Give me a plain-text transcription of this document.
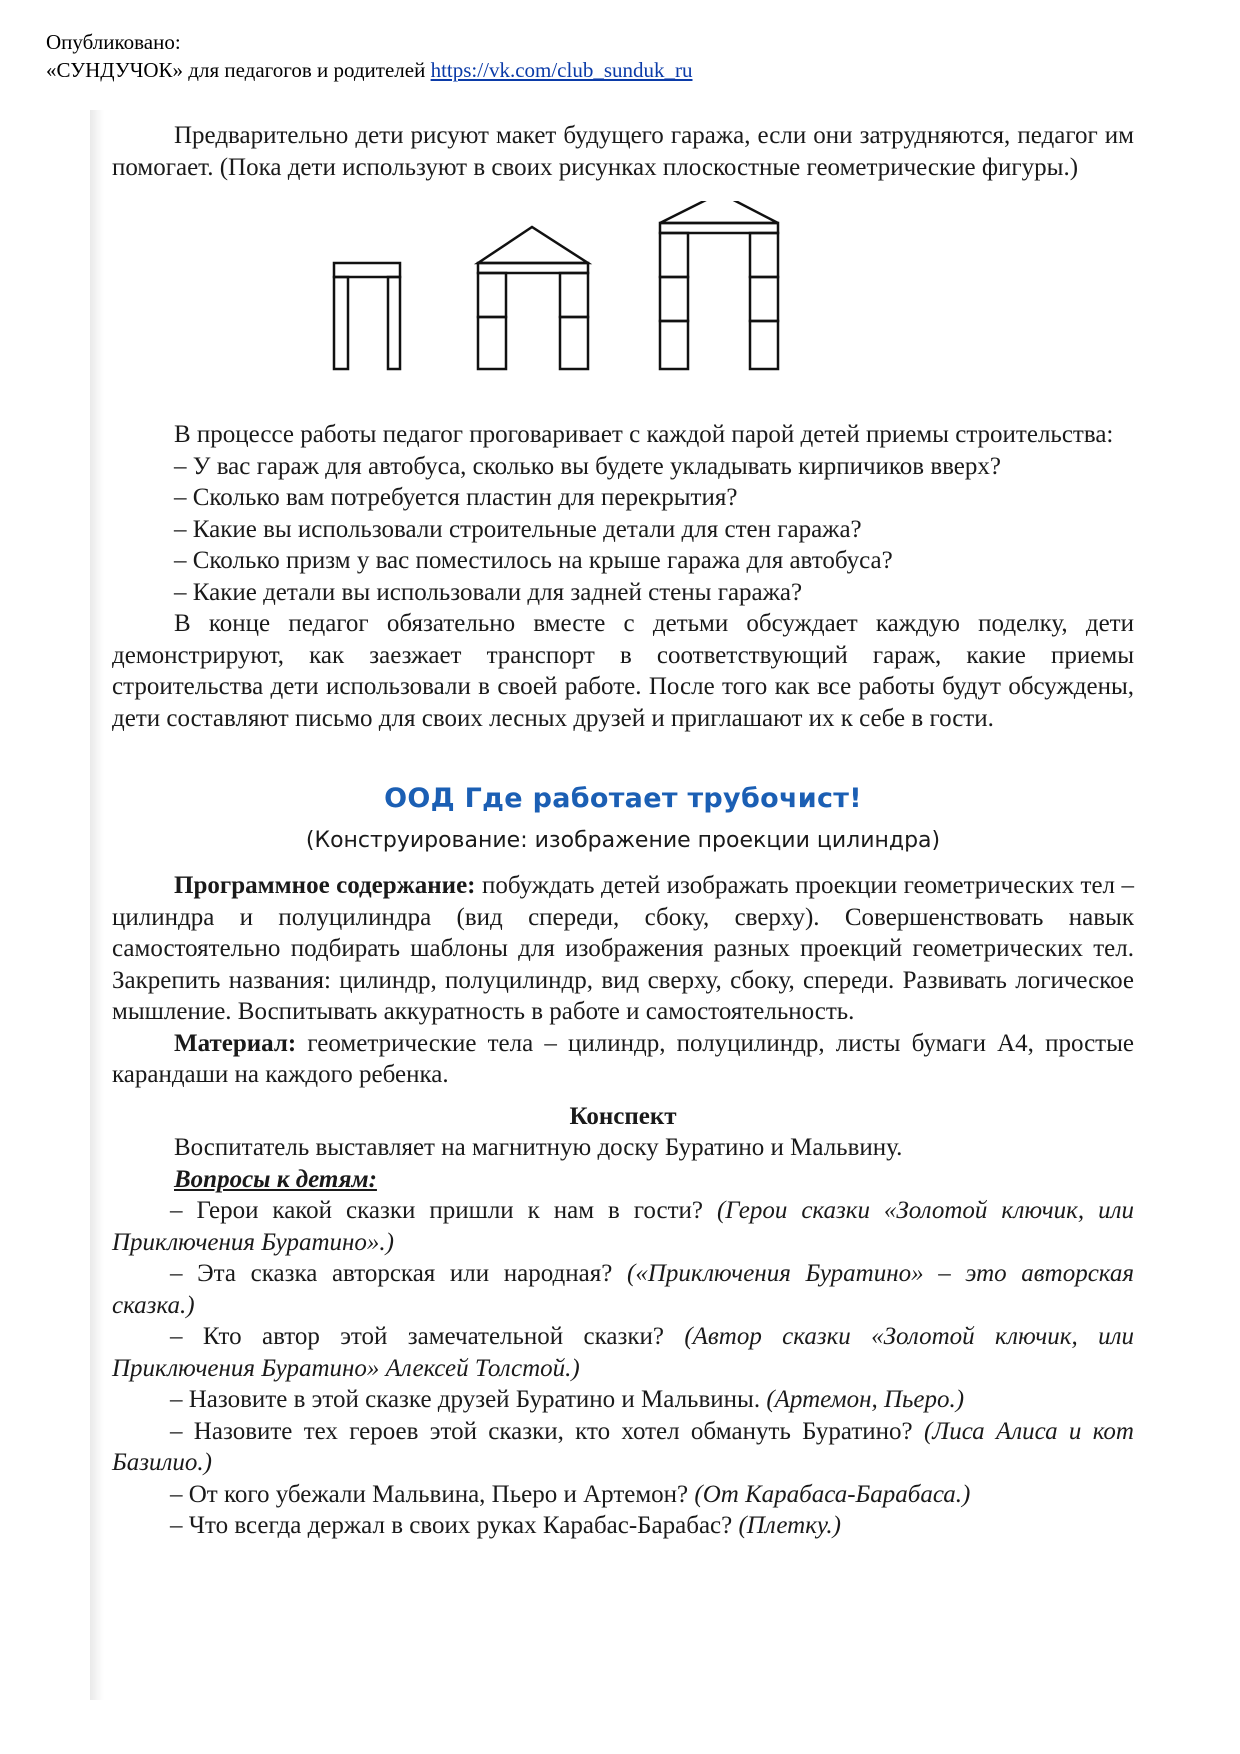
Опубликовано:
«СУНДУЧОК» для педагогов и родителей https://vk.com/club_sunduk_ru

Предварительно дети рисуют макет будущего гаража, если они затрудняются, педагог им помогает. (Пока дети используют в своих рисунках плоскостные геометрические фигуры.)

В процессе работы педагог проговаривает с каждой парой детей приемы строительства:

– У вас гараж для автобуса, сколько вы будете укладывать кирпичиков вверх?

– Сколько вам потребуется пластин для перекрытия?

– Какие вы использовали строительные детали для стен гаража?

– Сколько призм у вас поместилось на крыше гаража для автобуса?

– Какие детали вы использовали для задней стены гаража?

В конце педагог обязательно вместе с детьми обсуждает каждую поделку, дети демонстрируют, как заезжает транспорт в соответствующий гараж, какие приемы строительства дети использовали в своей работе. После того как все работы будут обсуждены, дети составляют письмо для своих лесных друзей и приглашают их к себе в гости.

ООД Где работает трубочист!
(Конструирование: изображение проекции цилиндра)

Программное содержание: побуждать детей изображать проекции геометрических тел – цилиндра и полуцилиндра (вид спереди, сбоку, сверху). Совершенствовать навык самостоятельно подбирать шаблоны для изображения разных проекций геометрических тел. Закрепить названия: цилиндр, полуцилиндр, вид сверху, сбоку, спереди. Развивать логическое мышление. Воспитывать аккуратность в работе и самостоятельность.

Материал: геометрические тела – цилиндр, полуцилиндр, листы бумаги А4, простые карандаши на каждого ребенка.

Конспект

Воспитатель выставляет на магнитную доску Буратино и Мальвину.

Вопросы к детям:

– Герои какой сказки пришли к нам в гости? (Герои сказки «Золотой ключик, или Приключения Буратино».)

– Эта сказка авторская или народная? («Приключения Буратино» – это авторская сказка.)

– Кто автор этой замечательной сказки? (Автор сказки «Золотой ключик, или Приключения Буратино» Алексей Толстой.)

– Назовите в этой сказке друзей Буратино и Мальвины. (Артемон, Пьеро.)

– Назовите тех героев этой сказки, кто хотел обмануть Буратино? (Лиса Алиса и кот Базилио.)

– От кого убежали Мальвина, Пьеро и Артемон? (От Карабаса-Барабаса.)

– Что всегда держал в своих руках Карабас-Барабас? (Плетку.)
